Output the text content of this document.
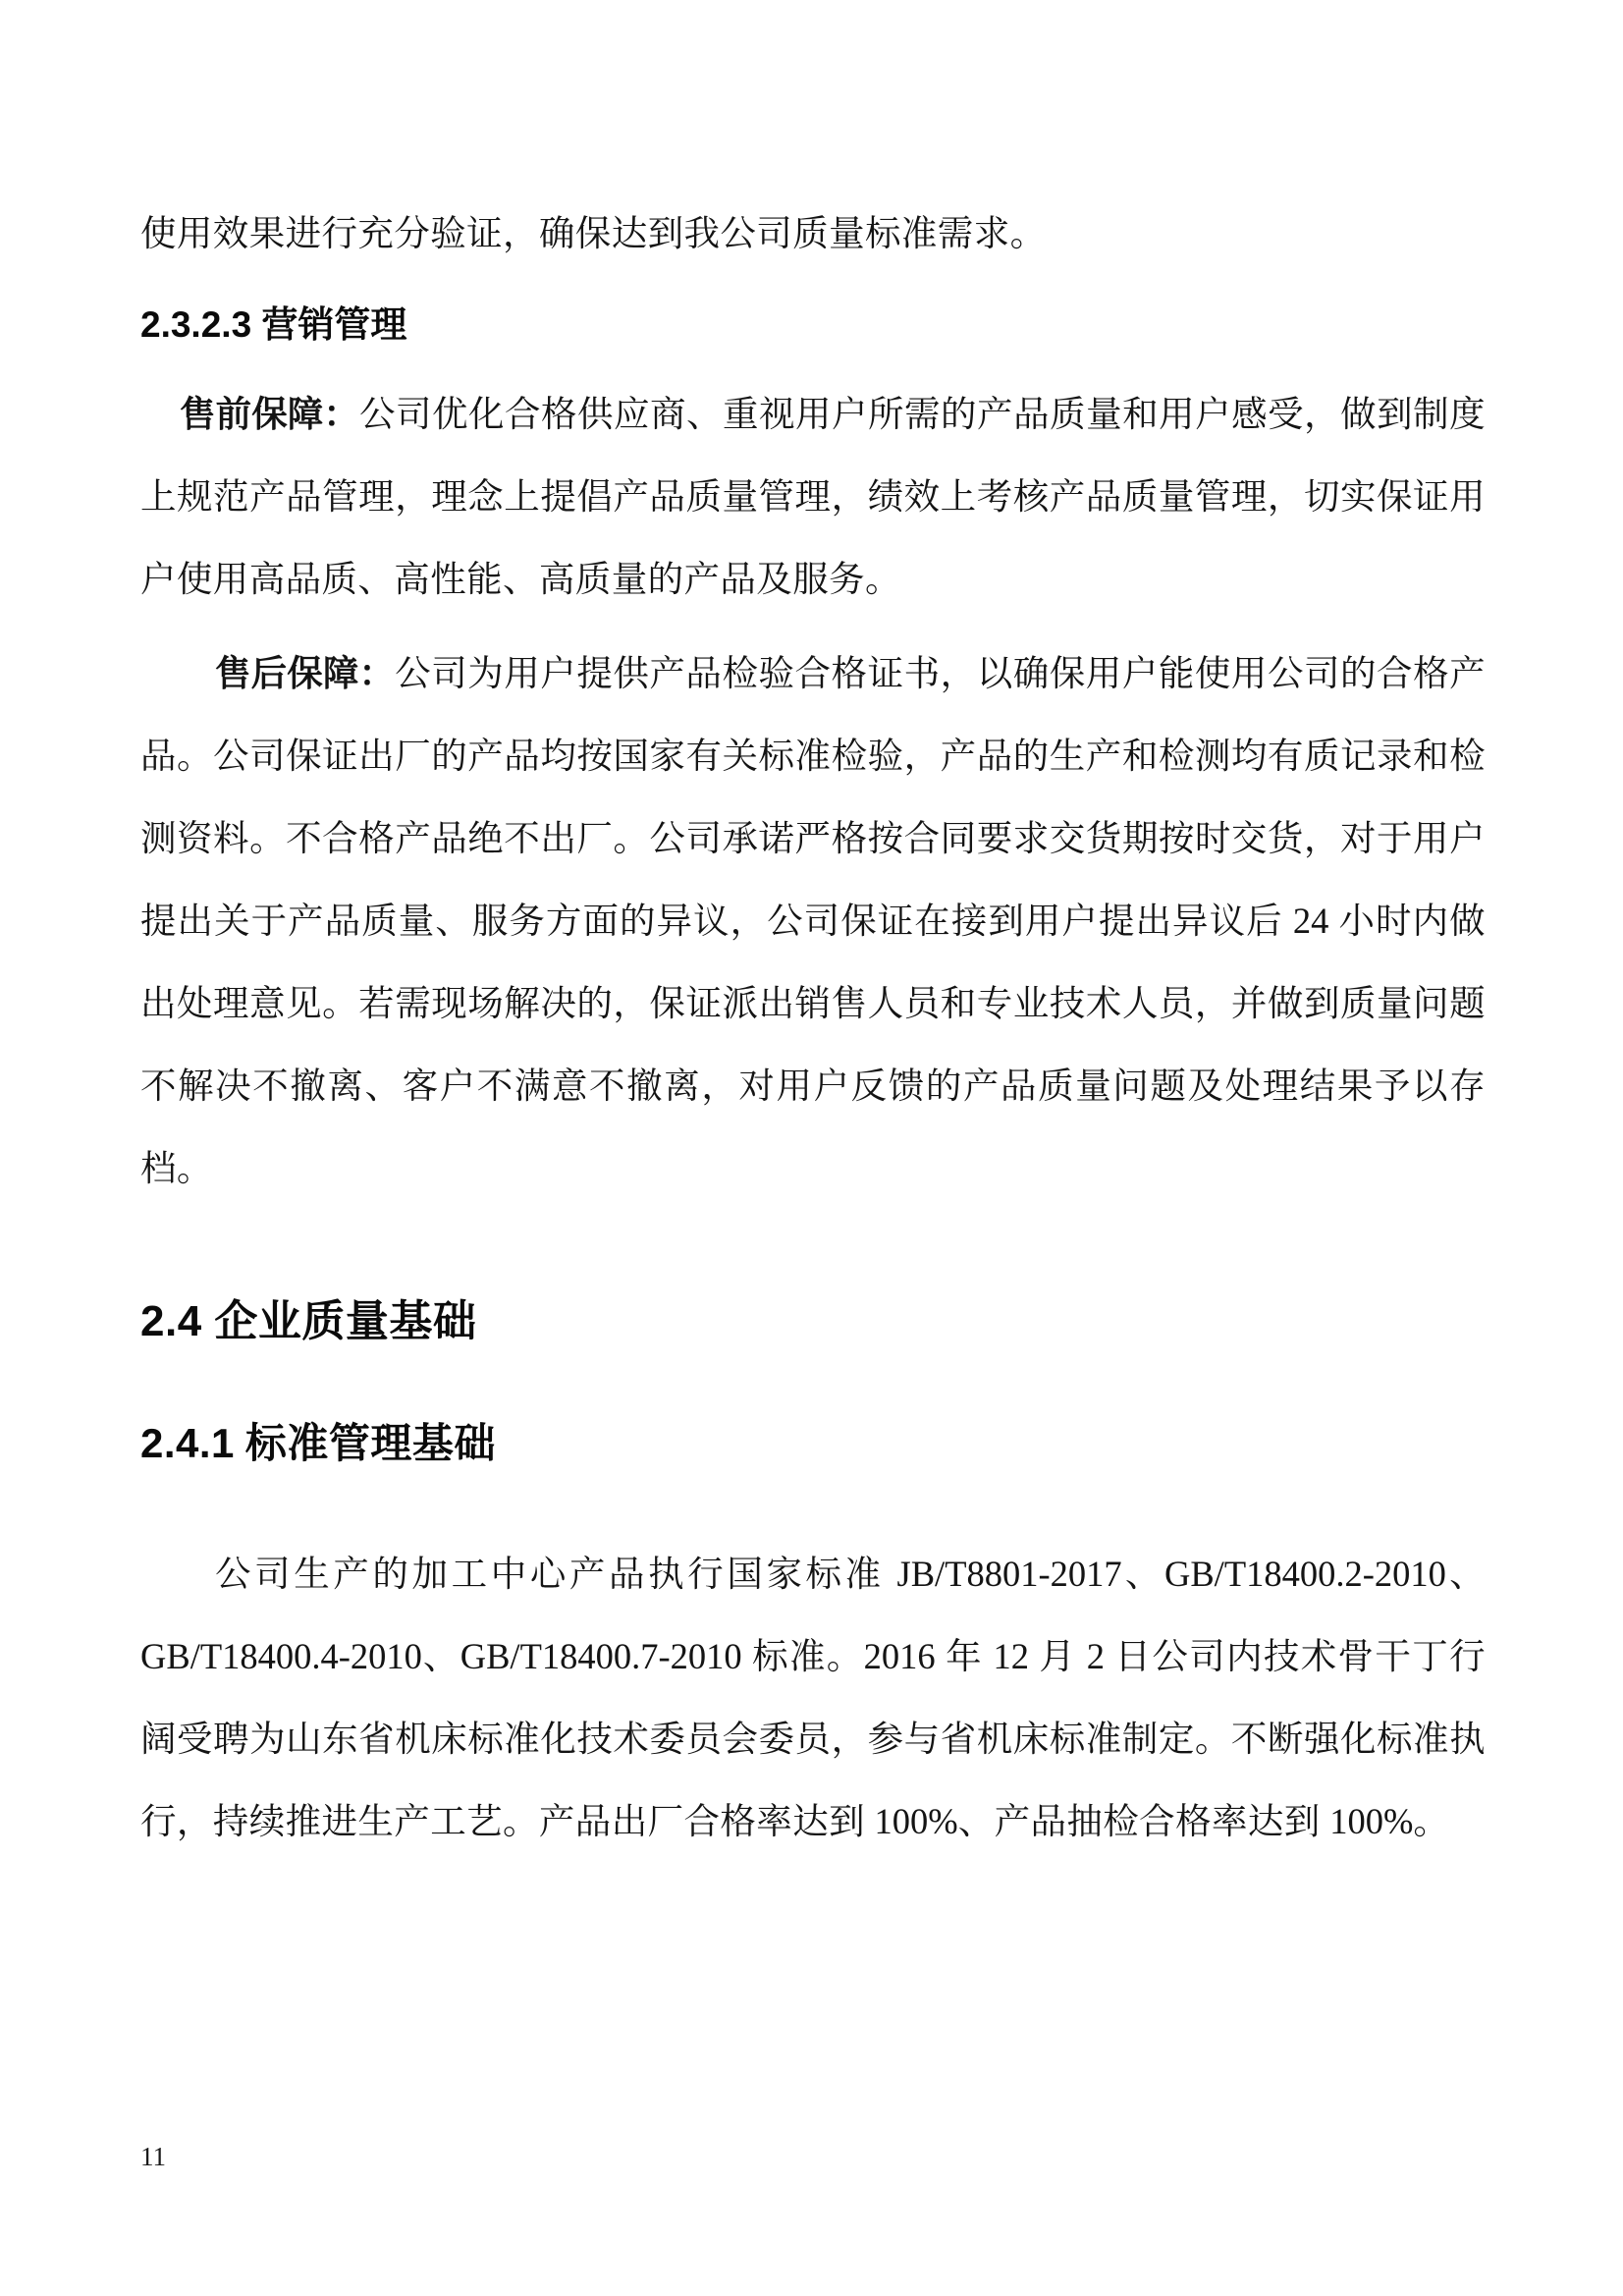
使用效果进行充分验证，确保达到我公司质量标准需求。

2.3.2.3 营销管理

售前保障：公司优化合格供应商、重视用户所需的产品质量和用户感受，做到制度上规范产品管理，理念上提倡产品质量管理，绩效上考核产品质量管理，切实保证用户使用高品质、高性能、高质量的产品及服务。

售后保障：公司为用户提供产品检验合格证书，以确保用户能使用公司的合格产品。公司保证出厂的产品均按国家有关标准检验，产品的生产和检测均有质记录和检测资料。不合格产品绝不出厂。公司承诺严格按合同要求交货期按时交货，对于用户提出关于产品质量、服务方面的异议，公司保证在接到用户提出异议后 24 小时内做出处理意见。若需现场解决的，保证派出销售人员和专业技术人员，并做到质量问题不解决不撤离、客户不满意不撤离，对用户反馈的产品质量问题及处理结果予以存档。

2.4 企业质量基础
2.4.1 标准管理基础

公司生产的加工中心产品执行国家标准 JB/T8801-2017、GB/T18400.2-2010、GB/T18400.4-2010、GB/T18400.7-2010 标准。2016 年 12 月 2 日公司内技术骨干丁行阔受聘为山东省机床标准化技术委员会委员，参与省机床标准制定。不断强化标准执行，持续推进生产工艺。产品出厂合格率达到 100%、产品抽检合格率达到 100%。

11
